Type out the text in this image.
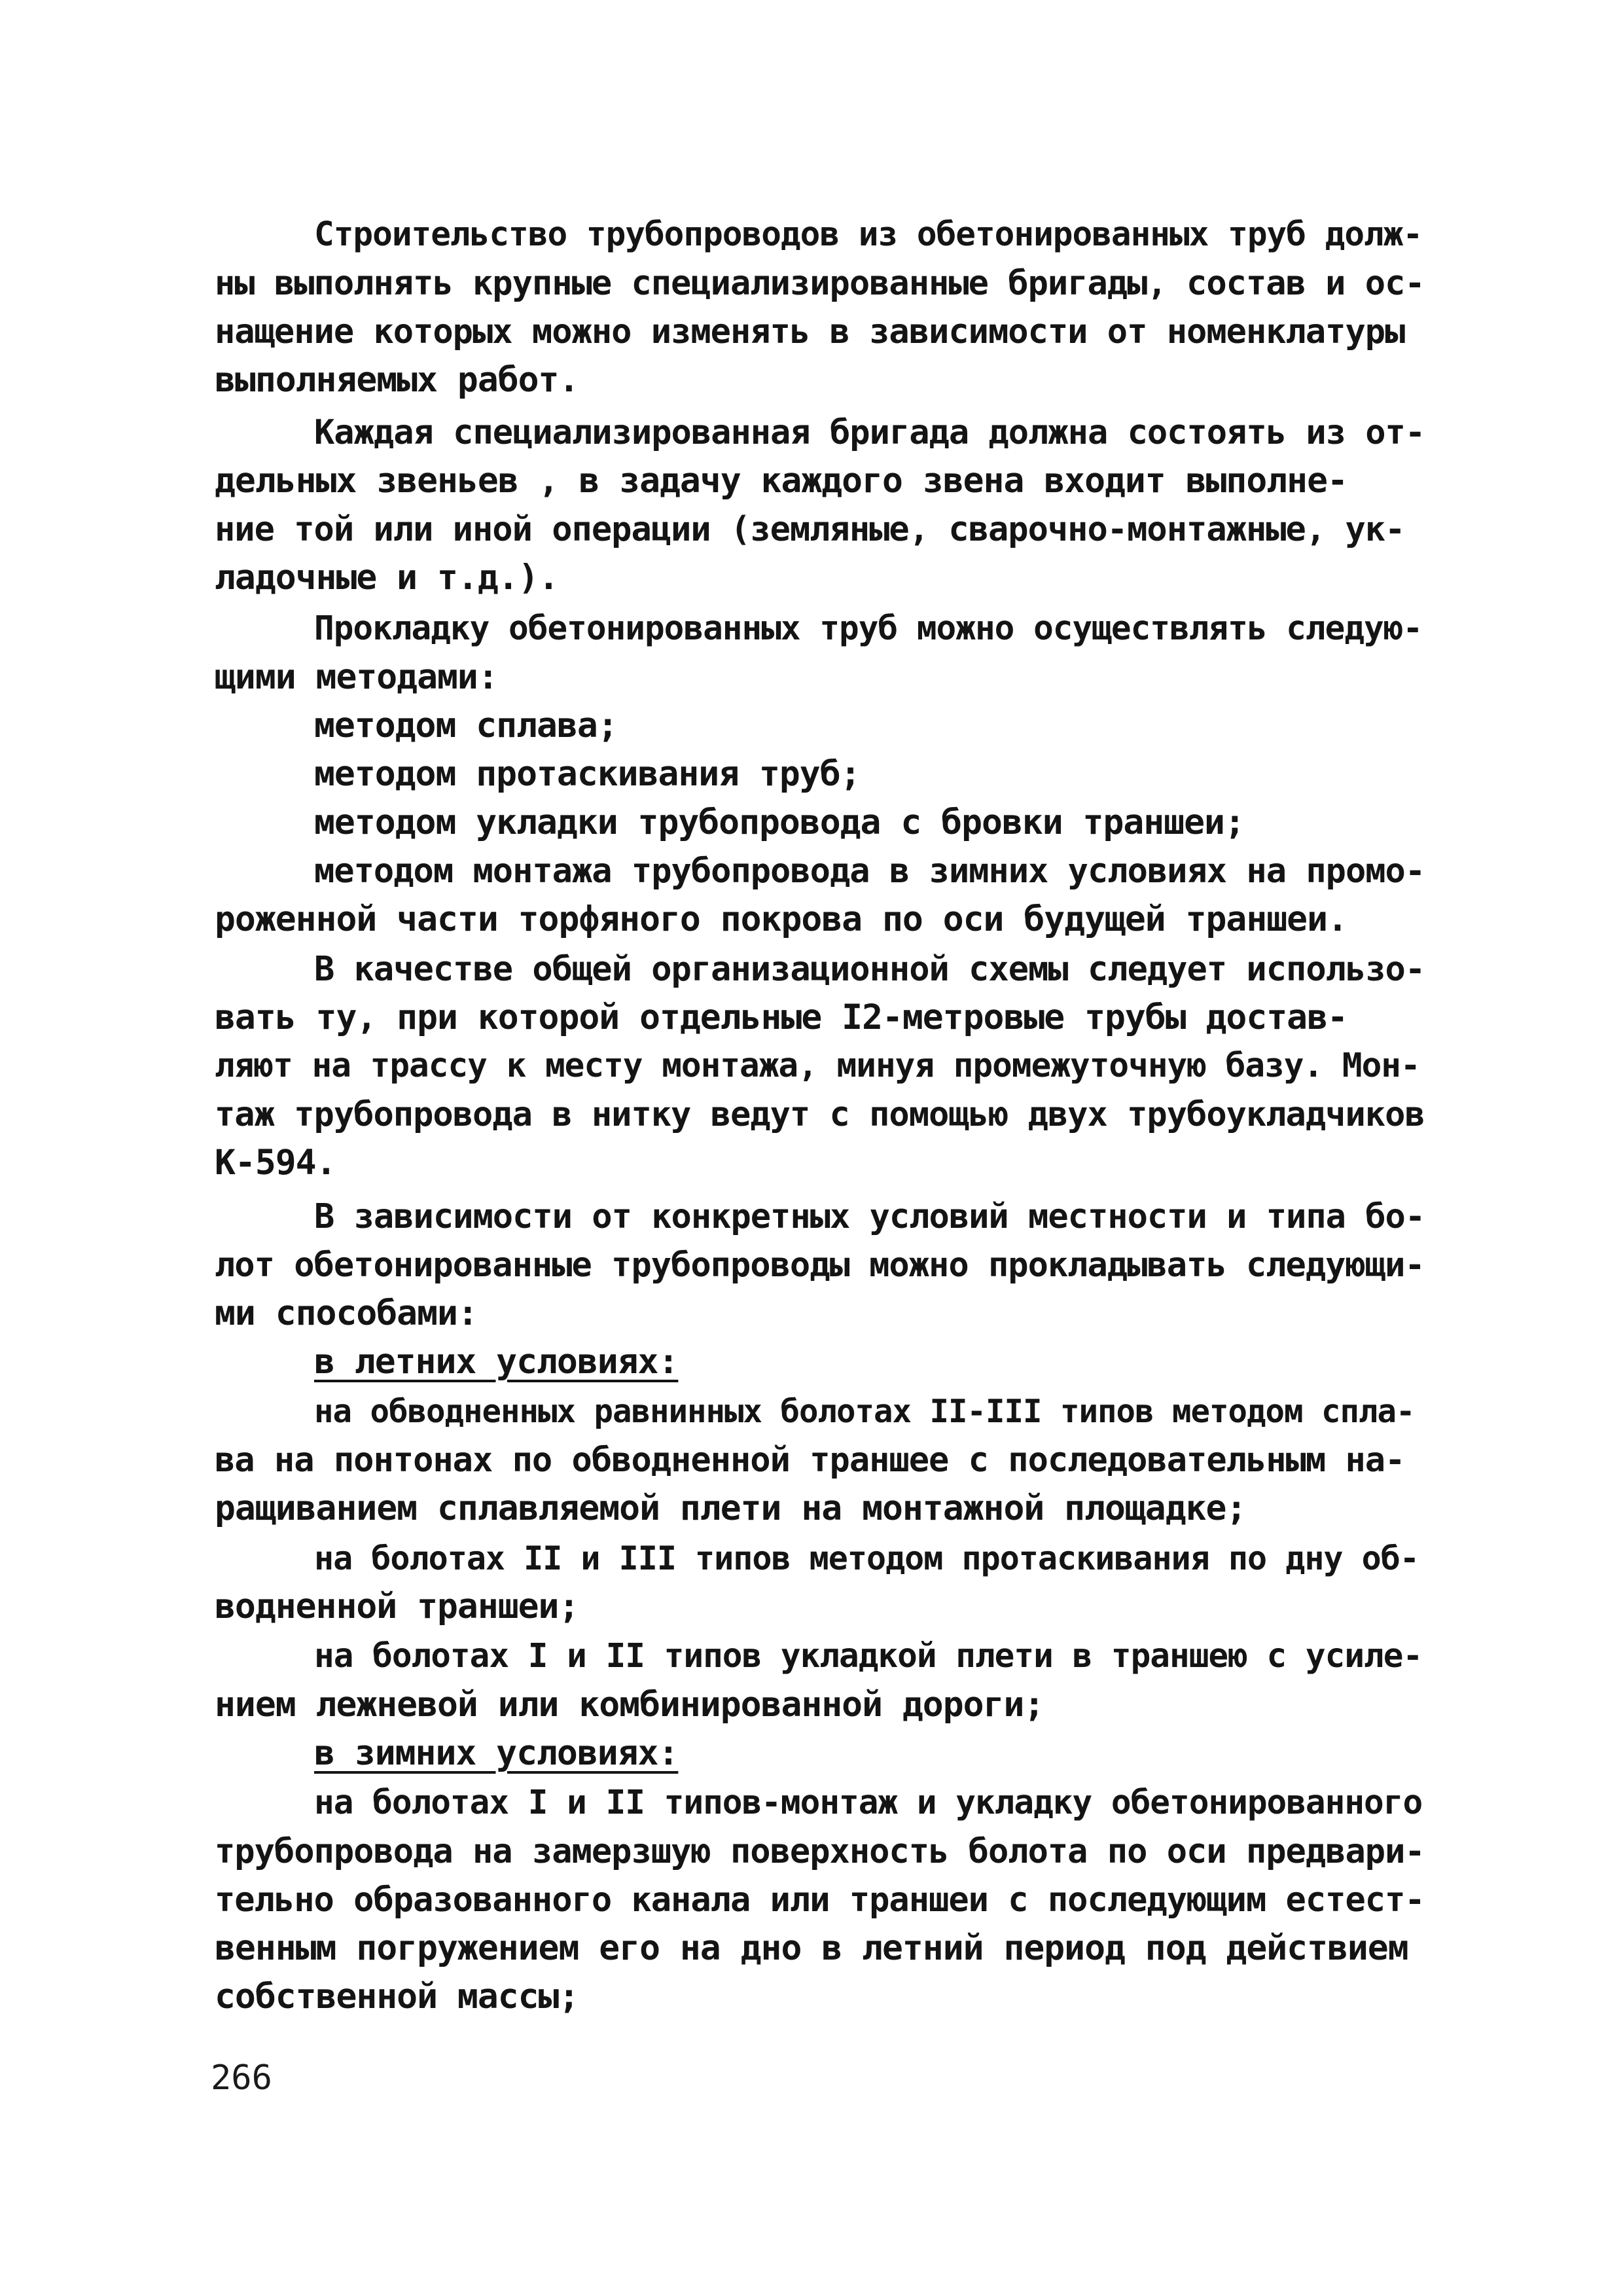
Строительство трубопроводов из обетонированных труб долж-
ны выполнять крупные специализированные бригады, состав и ос-
нащение которых можно изменять в зависимости от номенклатуры
выполняемых работ.
Каждая специализированная бригада должна состоять из от-
дельных звеньев , в задачу каждого звена входит выполне-
ние той или иной операции (земляные, сварочно-монтажные, ук-
ладочные и т.д.).
Прокладку обетонированных труб можно осуществлять следую-
щими методами:
методом сплава;
методом протаскивания труб;
методом укладки трубопровода с бровки траншеи;
методом монтажа трубопровода в зимних условиях на промо-
роженной части торфяного покрова по оси будущей траншеи.
В качестве общей организационной схемы следует использо-
вать ту, при которой отдельные I2-метровые трубы достав-
ляют на трассу к месту монтажа, минуя промежуточную базу. Мон-
таж трубопровода в нитку ведут с помощью двух трубоукладчиков
К-594.
В зависимости от конкретных условий местности и типа бо-
лот обетонированные трубопроводы можно прокладывать следующи-
ми способами:
в летних условиях:
на обводненных равнинных болотах II-III типов методом спла-
ва на понтонах по обводненной траншее с последовательным на-
ращиванием сплавляемой плети на монтажной площадке;
на болотах II и III типов методом протаскивания по дну об-
водненной траншеи;
на болотах I и II типов укладкой плети в траншею с усиле-
нием лежневой или комбинированной дороги;
в зимних условиях:
на болотах I и II типов-монтаж и укладку обетонированного
трубопровода на замерзшую поверхность болота по оси предвари-
тельно образованного канала или траншеи с последующим естест-
венным погружением его на дно в летний период под действием
собственной массы;
266
